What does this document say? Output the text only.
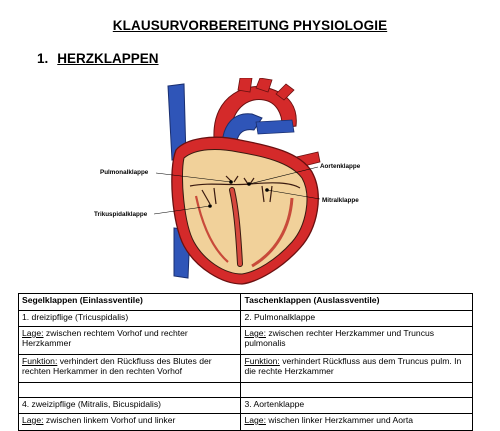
KLAUSURVORBEREITUNG PHYSIOLOGIE
1. HERZKLAPPEN
Pulmonalklappe
Aortenklappe
Mitralklappe
Trikuspidalklappe
Segelklappen (Einlassventile)	Taschenklappen (Auslassventile)
1. dreizipflige (Tricuspidalis)	2. Pulmonalklappe
Lage: zwischen rechtem Vorhof und rechter Herzkammer	Lage: zwischen rechter Herzkammer und Truncus pulmonalis
Funktion: verhindert den Rückfluss des Blutes der rechten Herkammer in den rechten Vorhof	Funktion: verhindert Rückfluss aus dem Truncus pulm. In die rechte Herzkammer

4. zweizipflige (Mitralis, Bicuspidalis)	3. Aortenklappe
Lage: zwischen linkem Vorhof und linker	Lage: wischen linker Herzkammer und Aorta
